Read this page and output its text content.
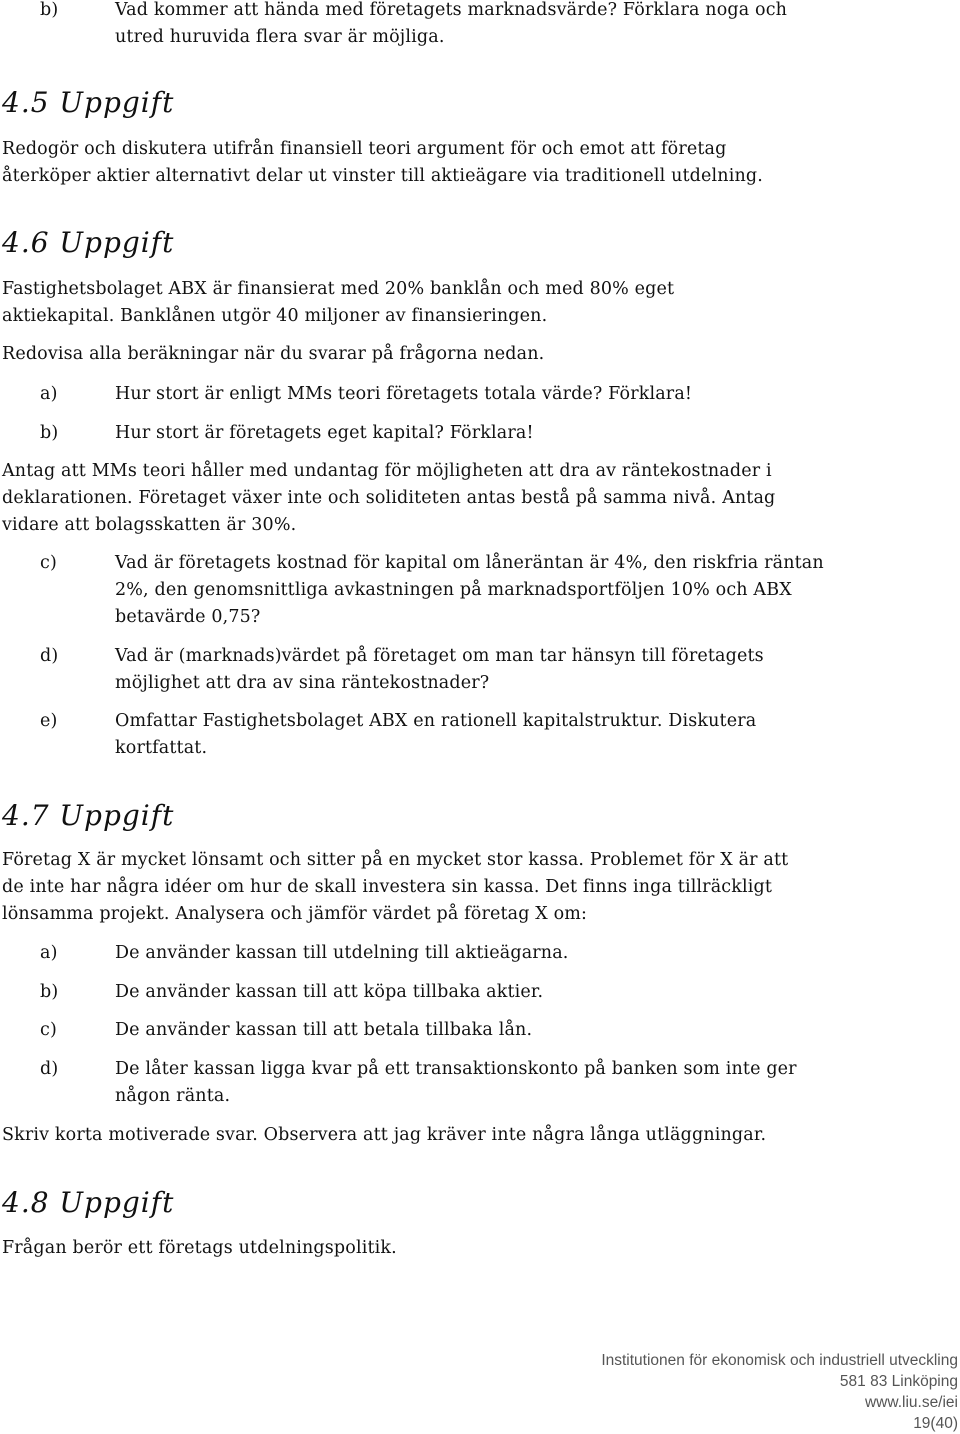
b)	Vad kommer att hända med företagets marknadsvärde? Förklara noga och
utred huruvida flera svar är möjliga.
4.5 Uppgift
Redogör och diskutera utifrån finansiell teori argument för och emot att företag
återköper aktier alternativt delar ut vinster till aktieägare via traditionell utdelning.
4.6 Uppgift
Fastighetsbolaget ABX är finansierat med 20% banklån och med 80% eget
aktiekapital. Banklånen utgör 40 miljoner av finansieringen.
Redovisa alla beräkningar när du svarar på frågorna nedan.
a)	Hur stort är enligt MMs teori företagets totala värde? Förklara!
b)	Hur stort är företagets eget kapital? Förklara!
Antag att MMs teori håller med undantag för möjligheten att dra av räntekostnader i
deklarationen. Företaget växer inte och soliditeten antas bestå på samma nivå. Antag
vidare att bolagsskatten är 30%.
c)	Vad är företagets kostnad för kapital om låneräntan är 4%, den riskfria räntan
2%, den genomsnittliga avkastningen på marknadsportföljen 10% och ABX
betavärde 0,75?
d)	Vad är (marknads)värdet på företaget om man tar hänsyn till företagets
möjlighet att dra av sina räntekostnader?
e)	Omfattar Fastighetsbolaget ABX en rationell kapitalstruktur. Diskutera
kortfattat.
4.7 Uppgift
Företag X är mycket lönsamt och sitter på en mycket stor kassa. Problemet för X är att
de inte har några idéer om hur de skall investera sin kassa. Det finns inga tillräckligt
lönsamma projekt. Analysera och jämför värdet på företag X om:
a)	De använder kassan till utdelning till aktieägarna.
b)	De använder kassan till att köpa tillbaka aktier.
c)	De använder kassan till att betala tillbaka lån.
d)	De låter kassan ligga kvar på ett transaktionskonto på banken som inte ger
någon ränta.
Skriv korta motiverade svar. Observera att jag kräver inte några långa utläggningar.
4.8 Uppgift
Frågan berör ett företags utdelningspolitik.
Institutionen för ekonomisk och industriell utveckling
581 83 Linköping
www.liu.se/iei
19(40)
